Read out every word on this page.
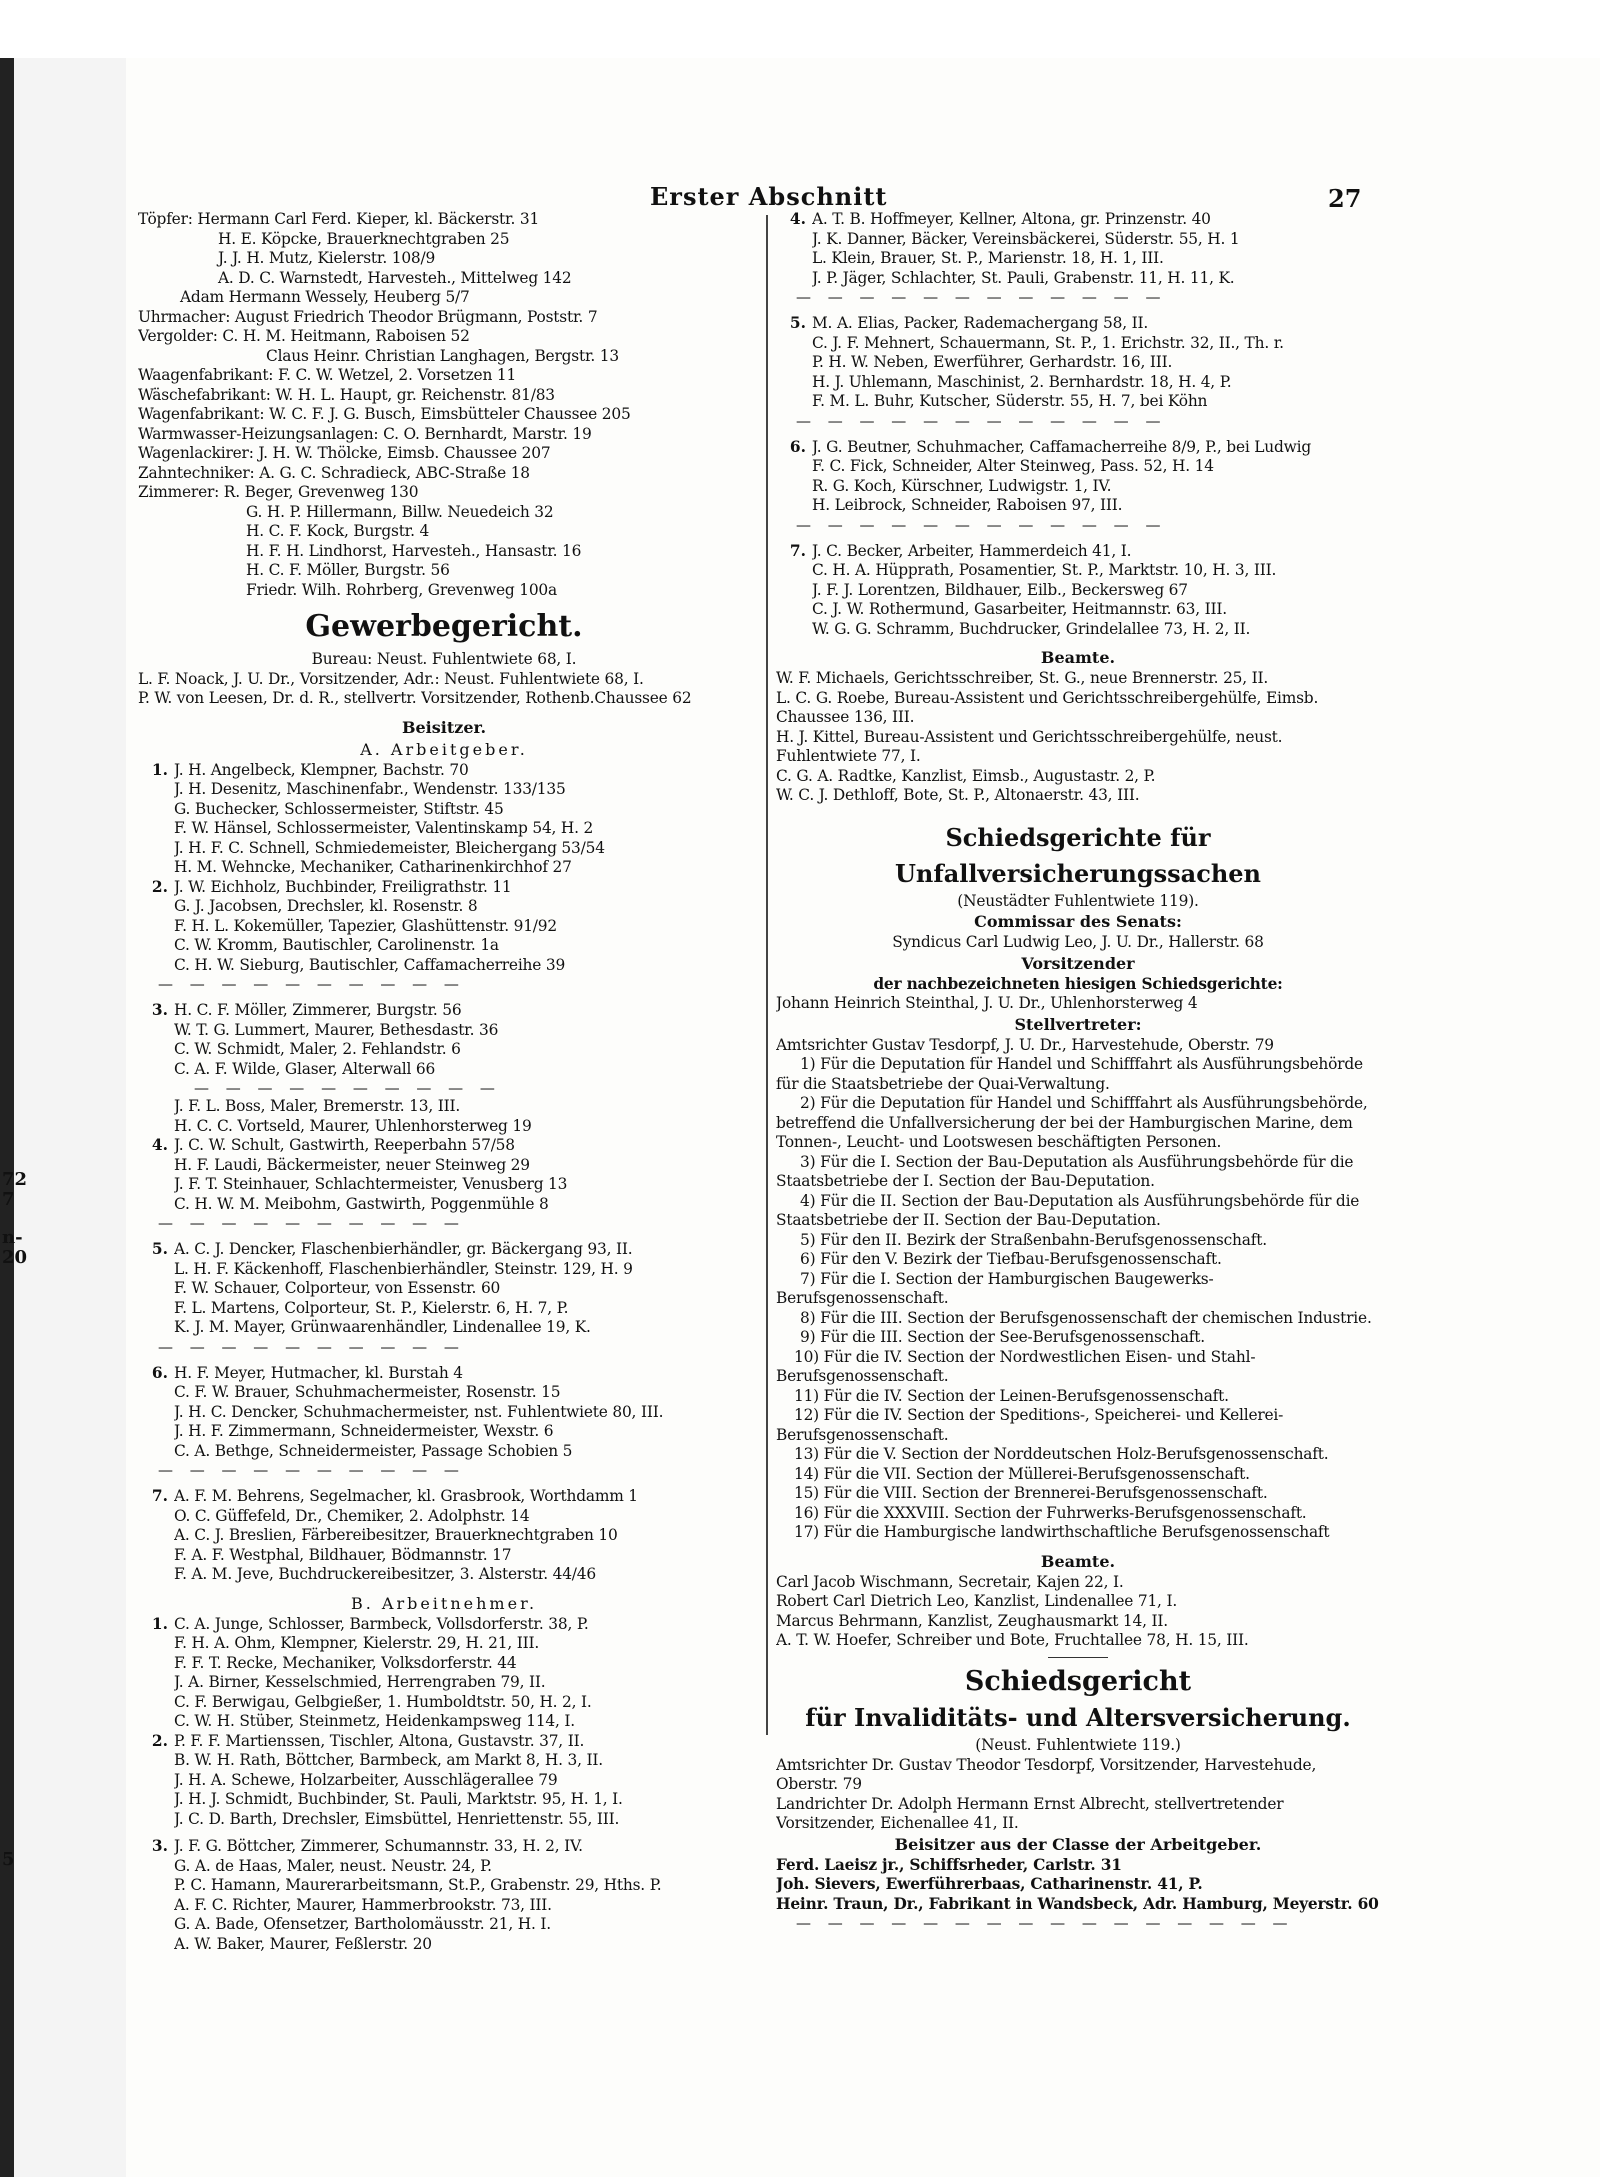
72
7
n-
20
5
Erster Abschnitt	27
Töpfer: Hermann Carl Ferd. Kieper, kl. Bäckerstr. 31
H. E. Köpcke, Brauerknechtgraben 25
J. J. H. Mutz, Kielerstr. 108/9
A. D. C. Warnstedt, Harvesteh., Mittelweg 142
Adam Hermann Wessely, Heuberg 5/7
Uhrmacher: August Friedrich Theodor Brügmann, Poststr. 7
Vergolder: C. H. M. Heitmann, Raboisen 52
Claus Heinr. Christian Langhagen, Bergstr. 13
Waagenfabrikant: F. C. W. Wetzel, 2. Vorsetzen 11
Wäschefabrikant: W. H. L. Haupt, gr. Reichenstr. 81/83
Wagenfabrikant: W. C. F. J. G. Busch, Eimsbütteler Chaussee 205
Warmwasser-Heizungsanlagen: C. O. Bernhardt, Marstr. 19
Wagenlackirer: J. H. W. Thölcke, Eimsb. Chaussee 207
Zahntechniker: A. G. C. Schradieck, ABC-Straße 18
Zimmerer: R. Beger, Grevenweg 130
G. H. P. Hillermann, Billw. Neuedeich 32
H. C. F. Kock, Burgstr. 4
H. F. H. Lindhorst, Harvesteh., Hansastr. 16
H. C. F. Möller, Burgstr. 56
Friedr. Wilh. Rohrberg, Grevenweg 100a
Gewerbegericht.
Bureau: Neust. Fuhlentwiete 68, I.
L. F. Noack, J. U. Dr., Vorsitzender, Adr.: Neust. Fuhlentwiete 68, I.
P. W. von Leesen, Dr. d. R., stellvertr. Vorsitzender, Rothenb.Chaussee 62
Beisitzer.
A. Arbeitgeber.
1. J. H. Angelbeck, Klempner, Bachstr. 70
J. H. Desenitz, Maschinenfabr., Wendenstr. 133/135
G. Buchecker, Schlossermeister, Stiftstr. 45
F. W. Hänsel, Schlossermeister, Valentinskamp 54, H. 2
J. H. F. C. Schnell, Schmiedemeister, Bleichergang 53/54
H. M. Wehncke, Mechaniker, Catharinenkirchhof 27
2. J. W. Eichholz, Buchbinder, Freiligrathstr. 11
G. J. Jacobsen, Drechsler, kl. Rosenstr. 8
F. H. L. Kokemüller, Tapezier, Glashüttenstr. 91/92
C. W. Kromm, Bautischler, Carolinenstr. 1a
C. H. W. Sieburg, Bautischler, Caffamacherreihe 39
— — — — — — — — — —
3. H. C. F. Möller, Zimmerer, Burgstr. 56
W. T. G. Lummert, Maurer, Bethesdastr. 36
C. W. Schmidt, Maler, 2. Fehlandstr. 6
C. A. F. Wilde, Glaser, Alterwall 66
— — — — — — — — — —
J. F. L. Boss, Maler, Bremerstr. 13, III.
H. C. C. Vortseld, Maurer, Uhlenhorsterweg 19
4. J. C. W. Schult, Gastwirth, Reeperbahn 57/58
H. F. Laudi, Bäckermeister, neuer Steinweg 29
J. F. T. Steinhauer, Schlachtermeister, Venusberg 13
C. H. W. M. Meibohm, Gastwirth, Poggenmühle 8
— — — — — — — — — —
5. A. C. J. Dencker, Flaschenbierhändler, gr. Bäckergang 93, II.
L. H. F. Käckenhoff, Flaschenbierhändler, Steinstr. 129, H. 9
F. W. Schauer, Colporteur, von Essenstr. 60
F. L. Martens, Colporteur, St. P., Kielerstr. 6, H. 7, P.
K. J. M. Mayer, Grünwaarenhändler, Lindenallee 19, K.
— — — — — — — — — —
6. H. F. Meyer, Hutmacher, kl. Burstah 4
C. F. W. Brauer, Schuhmachermeister, Rosenstr. 15
J. H. C. Dencker, Schuhmachermeister, nst. Fuhlentwiete 80, III.
J. H. F. Zimmermann, Schneidermeister, Wexstr. 6
C. A. Bethge, Schneidermeister, Passage Schobien 5
— — — — — — — — — —
7. A. F. M. Behrens, Segelmacher, kl. Grasbrook, Worthdamm 1
O. C. Güffefeld, Dr., Chemiker, 2. Adolphstr. 14
A. C. J. Breslien, Färbereibesitzer, Brauerknechtgraben 10
F. A. F. Westphal, Bildhauer, Bödmannstr. 17
F. A. M. Jeve, Buchdruckereibesitzer, 3. Alsterstr. 44/46
B. Arbeitnehmer.
1. C. A. Junge, Schlosser, Barmbeck, Vollsdorferstr. 38, P.
F. H. A. Ohm, Klempner, Kielerstr. 29, H. 21, III.
F. F. T. Recke, Mechaniker, Volksdorferstr. 44
J. A. Birner, Kesselschmied, Herrengraben 79, II.
C. F. Berwigau, Gelbgießer, 1. Humboldtstr. 50, H. 2, I.
C. W. H. Stüber, Steinmetz, Heidenkampsweg 114, I.
2. P. F. F. Martienssen, Tischler, Altona, Gustavstr. 37, II.
B. W. H. Rath, Böttcher, Barmbeck, am Markt 8, H. 3, II.
J. H. A. Schewe, Holzarbeiter, Ausschlägerallee 79
J. H. J. Schmidt, Buchbinder, St. Pauli, Marktstr. 95, H. 1, I.
J. C. D. Barth, Drechsler, Eimsbüttel, Henriettenstr. 55, III.
3. J. F. G. Böttcher, Zimmerer, Schumannstr. 33, H. 2, IV.
G. A. de Haas, Maler, neust. Neustr. 24, P.
P. C. Hamann, Maurerarbeitsmann, St.P., Grabenstr. 29, Hths. P.
A. F. C. Richter, Maurer, Hammerbrookstr. 73, III.
G. A. Bade, Ofensetzer, Bartholomäusstr. 21, H. I.
A. W. Baker, Maurer, Feßlerstr. 20
4. A. T. B. Hoffmeyer, Kellner, Altona, gr. Prinzenstr. 40
J. K. Danner, Bäcker, Vereinsbäckerei, Süderstr. 55, H. 1
L. Klein, Brauer, St. P., Marienstr. 18, H. 1, III.
J. P. Jäger, Schlachter, St. Pauli, Grabenstr. 11, H. 11, K.
— — — — — — — — — — — —
5. M. A. Elias, Packer, Rademachergang 58, II.
C. J. F. Mehnert, Schauermann, St. P., 1. Erichstr. 32, II., Th. r.
P. H. W. Neben, Ewerführer, Gerhardstr. 16, III.
H. J. Uhlemann, Maschinist, 2. Bernhardstr. 18, H. 4, P.
F. M. L. Buhr, Kutscher, Süderstr. 55, H. 7, bei Köhn
— — — — — — — — — — — —
6. J. G. Beutner, Schuhmacher, Caffamacherreihe 8/9, P., bei Ludwig
F. C. Fick, Schneider, Alter Steinweg, Pass. 52, H. 14
R. G. Koch, Kürschner, Ludwigstr. 1, IV.
H. Leibrock, Schneider, Raboisen 97, III.
— — — — — — — — — — — —
7. J. C. Becker, Arbeiter, Hammerdeich 41, I.
C. H. A. Hüpprath, Posamentier, St. P., Marktstr. 10, H. 3, III.
J. F. J. Lorentzen, Bildhauer, Eilb., Beckersweg 67
C. J. W. Rothermund, Gasarbeiter, Heitmannstr. 63, III.
W. G. G. Schramm, Buchdrucker, Grindelallee 73, H. 2, II.
Beamte.
W. F. Michaels, Gerichtsschreiber, St. G., neue Brennerstr. 25, II.
L. C. G. Roebe, Bureau-Assistent und Gerichtsschreibergehülfe, Eimsb. Chaussee 136, III.
H. J. Kittel, Bureau-Assistent und Gerichtsschreibergehülfe, neust. Fuhlentwiete 77, I.
C. G. A. Radtke, Kanzlist, Eimsb., Augustastr. 2, P.
W. C. J. Dethloff, Bote, St. P., Altonaerstr. 43, III.
Schiedsgerichte für Unfallversicherungssachen
(Neustädter Fuhlentwiete 119).
Commissar des Senats:
Syndicus Carl Ludwig Leo, J. U. Dr., Hallerstr. 68
Vorsitzender
der nachbezeichneten hiesigen Schiedsgerichte:
Johann Heinrich Steinthal, J. U. Dr., Uhlenhorsterweg 4
Stellvertreter:
Amtsrichter Gustav Tesdorpf, J. U. Dr., Harvestehude, Oberstr. 79
1) Für die Deputation für Handel und Schifffahrt als Ausführungsbehörde für die Staatsbetriebe der Quai-Verwaltung.
2) Für die Deputation für Handel und Schifffahrt als Ausführungsbehörde, betreffend die Unfallversicherung der bei der Hamburgischen Marine, dem Tonnen-, Leucht- und Lootswesen beschäftigten Personen.
3) Für die I. Section der Bau-Deputation als Ausführungsbehörde für die Staatsbetriebe der I. Section der Bau-Deputation.
4) Für die II. Section der Bau-Deputation als Ausführungsbehörde für die Staatsbetriebe der II. Section der Bau-Deputation.
5) Für den II. Bezirk der Straßenbahn-Berufsgenossenschaft.
6) Für den V. Bezirk der Tiefbau-Berufsgenossenschaft.
7) Für die I. Section der Hamburgischen Baugewerks-Berufsgenossenschaft.
8) Für die III. Section der Berufsgenossenschaft der chemischen Industrie.
9) Für die III. Section der See-Berufsgenossenschaft.
10) Für die IV. Section der Nordwestlichen Eisen- und Stahl-Berufsgenossenschaft.
11) Für die IV. Section der Leinen-Berufsgenossenschaft.
12) Für die IV. Section der Speditions-, Speicherei- und Kellerei-Berufsgenossenschaft.
13) Für die V. Section der Norddeutschen Holz-Berufsgenossenschaft.
14) Für die VII. Section der Müllerei-Berufsgenossenschaft.
15) Für die VIII. Section der Brennerei-Berufsgenossenschaft.
16) Für die XXXVIII. Section der Fuhrwerks-Berufsgenossenschaft.
17) Für die Hamburgische landwirthschaftliche Berufsgenossenschaft
Beamte.
Carl Jacob Wischmann, Secretair, Kajen 22, I.
Robert Carl Dietrich Leo, Kanzlist, Lindenallee 71, I.
Marcus Behrmann, Kanzlist, Zeughausmarkt 14, II.
A. T. W. Hoefer, Schreiber und Bote, Fruchtallee 78, H. 15, III.
Schiedsgericht
für Invaliditäts- und Altersversicherung.
(Neust. Fuhlentwiete 119.)
Amtsrichter Dr. Gustav Theodor Tesdorpf, Vorsitzender, Harvestehude, Oberstr. 79
Landrichter Dr. Adolph Hermann Ernst Albrecht, stellvertretender Vorsitzender, Eichenallee 41, II.
Beisitzer aus der Classe der Arbeitgeber.
Ferd. Laeisz jr., Schiffsrheder, Carlstr. 31
Joh. Sievers, Ewerführerbaas, Catharinenstr. 41, P.
Heinr. Traun, Dr., Fabrikant in Wandsbeck, Adr. Hamburg, Meyerstr. 60
— — — — — — — — — — — — — — — —
